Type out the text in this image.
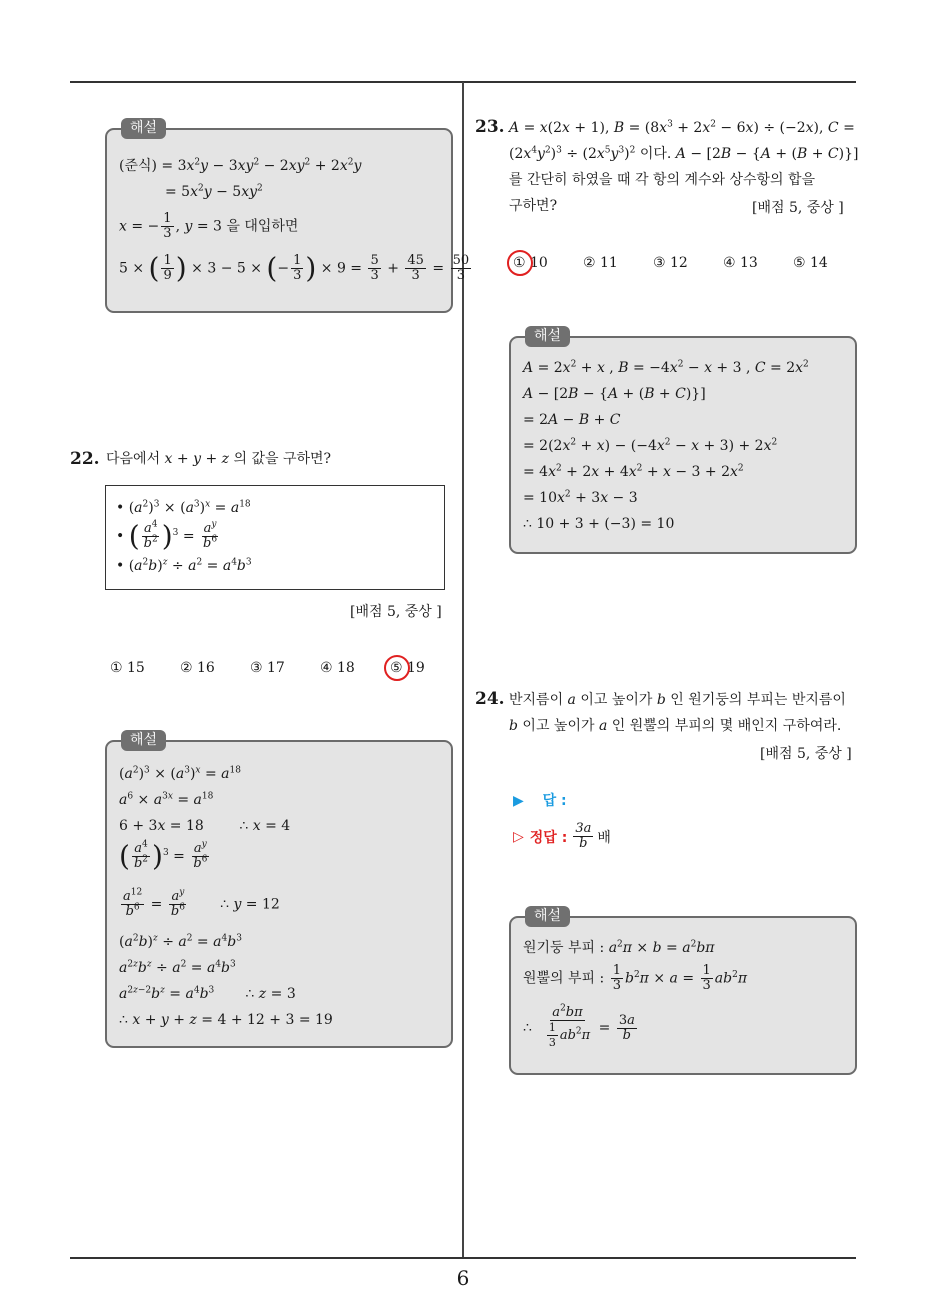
해설
(준식) = $3x^2y - 3xy^2 - 2xy^2 + 2x^2y$
= $5x^2y - 5xy^2$
x = − $\frac{1}{3}$ , y = 3 을 대입하면
5 × ( $\frac{1}{9}$ ) × 3 − 5 × (− $\frac{1}{3}$ ) × $9 = \frac{5}{3} + \frac{45}{3} = \frac{50}{3}$
22. 다음에서 x + y + z 의 값을 구하면?
• $(a^2)^3 \times (a^3)^x = a^{18}$
• ( $\frac{a^4}{b^2} )^3 = \frac{a^y}{b^6}$
• $(a^2b)^z \div a^2 = a^4b^3$
[배점 5, 중상 ]
① 15	② 16	③ 17	④ 18	⑤ 19
해설
$(a^2)^3 \times (a^3)^x = a^{18}$
$a^6 \times a^{3x} = a^{18}$
6 + 3x = 18        ∴ x = 4
( $\frac{a^4}{b^2} )^3 = \frac{a^y}{b^6}$
$\frac{a^{12}}{b^6} = \frac{a^y}{b^6}$ ∴ y = 12
$(a^2b)^z \div a^2 = a^4b^3$
$a^{2z}b^z \div a^2 = a^4b^3$
$a^{2z-2}b^z = a^4b^3$       ∴ z = 3
∴ x + y + z = 4 + 12 + 3 = 19
23. A = x(2x + 1), $B = (8x^3 + 2x^2 - 6x) \div (-2x)$, C =
$(2x^4y^2)^3 \div (2x^5y^3)^2$ 이다. A − [2B − {A + (B + C)}]
를 간단히 하였을 때 각 항의 계수와 상수항의 합을
구하면?	[배점 5, 중상 ]
① 10	② 11	③ 12	④ 13	⑤ 14
해설
$A = 2x^2 + x$ , $B = -4x^2 - x + 3$ , $C = 2x^2$
A − [2B − {A + (B + C)}]
= 2A − B + C
= $2(2x^2 + x) - (-4x^2 - x + 3) + 2x^2$
= $4x^2 + 2x + 4x^2 + x - 3 + 2x^2$
= $10x^2 + 3x - 3$
∴ 10 + 3 + (−3) = 10
24. 반지름이 a 이고 높이가 b 인 원기둥의 부피는 반지름이
b 이고 높이가 a 인 원뿔의 부피의 몇 배인지 구하여라.
[배점 5, 중상 ]
▶ 답 :
▷ 정답 : $\frac{3a}{b}$ 배
해설
원기둥 부피 : $a^2\pi \times b = a^2b\pi$
원뿔의 부피 : $\frac{1}{3} b^2\pi \times a = \frac{1}{3} ab^2\pi$
∴ $\frac{a^2b\pi}{\frac{1}{3} ab^2\pi} = \frac{3a}{b}$
6
